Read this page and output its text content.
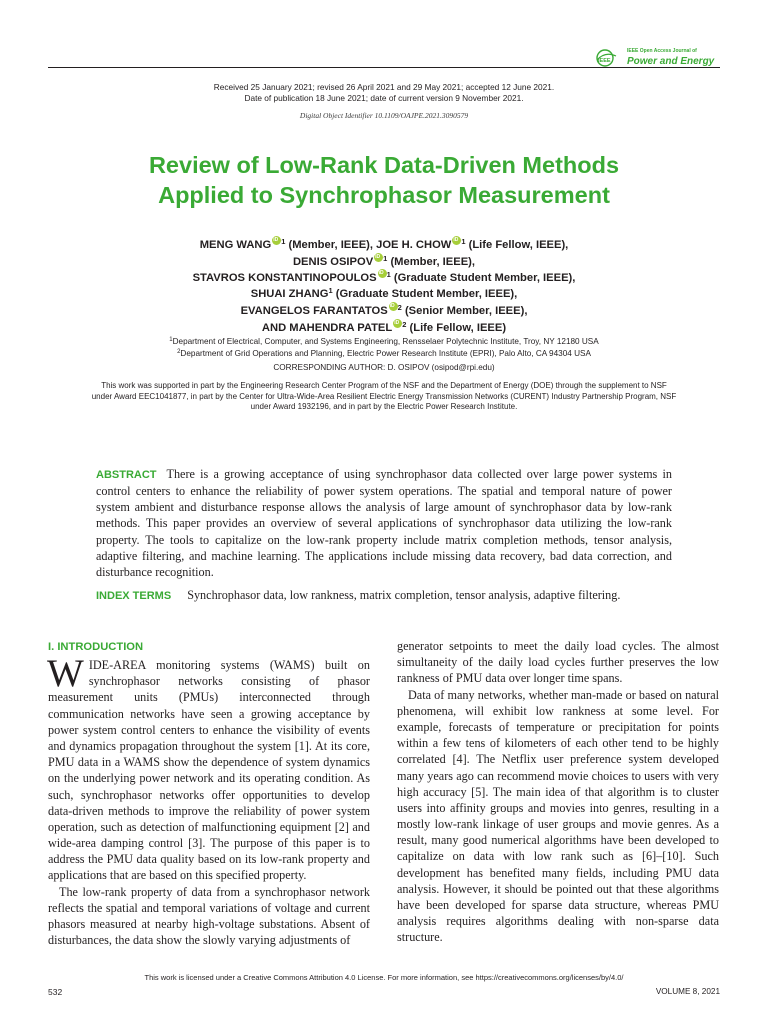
IEEE
IEEE Open Access Journal of
Power and Energy
Received 25 January 2021; revised 26 April 2021 and 29 May 2021; accepted 12 June 2021.
Date of publication 18 June 2021; date of current version 9 November 2021.
Digital Object Identifier 10.1109/OAJPE.2021.3090579
Review of Low-Rank Data-Driven Methods
Applied to Synchrophasor Measurement
MENG WANG iD $^1$ (Member, IEEE), JOE H. CHOW iD $^1$ (Life Fellow, IEEE),
DENIS OSIPOV iD $^1$ (Member, IEEE),
STAVROS KONSTANTINOPOULOS iD $^1$ (Graduate Student Member, IEEE),
SHUAI ZHANG$^1$ (Graduate Student Member, IEEE),
EVANGELOS FARANTATOS iD $^2$ (Senior Member, IEEE),
AND MAHENDRA PATEL iD $^2$ (Life Fellow, IEEE)
$^1$Department of Electrical, Computer, and Systems Engineering, Rensselaer Polytechnic Institute, Troy, NY 12180 USA
$^2$Department of Grid Operations and Planning, Electric Power Research Institute (EPRI), Palo Alto, CA 94304 USA
CORRESPONDING AUTHOR: D. OSIPOV (osipod@rpi.edu)
This work was supported in part by the Engineering Research Center Program of the NSF and the Department of Energy (DOE) through the supplement to NSF under Award EEC1041877, in part by the Center for Ultra-Wide-Area Resilient Electric Energy Transmission Networks (CURENT) Industry Partnership Program, NSF under Award 1932196, and in part by the Electric Power Research Institute.
ABSTRACT There is a growing acceptance of using synchrophasor data collected over large power systems in control centers to enhance the reliability of power system operations. The spatial and temporal nature of power system ambient and disturbance response allows the analysis of large amount of synchrophasor data by low-rank methods. This paper provides an overview of several applications of synchrophasor data utilizing the low-rank property. The tools to capitalize on the low-rank property include matrix completion methods, tensor analysis, adaptive filtering, and machine learning. The applications include missing data recovery, bad data correction, and disturbance recognition.
INDEX TERMS Synchrophasor data, low rankness, matrix completion, tensor analysis, adaptive filtering.
I. INTRODUCTION
WIDE-AREA monitoring systems (WAMS) built on synchrophasor networks consisting of phasor measurement units (PMUs) interconnected through communication networks have seen a growing acceptance by power system control centers to enhance the visibility of events and dynamics propagation throughout the system [1]. At its core, PMU data in a WAMS show the dependence of system dynamics on the underlying power network and its operating condition. As such, synchrophasor networks offer opportunities to develop data-driven methods to improve the reliability of power system operation, such as detection of malfunctioning equipment [2] and wide-area damping control [3]. The purpose of this paper is to address the PMU data quality based on its low-rank property and applications that are based on this specified property.
The low-rank property of data from a synchrophasor network reflects the spatial and temporal variations of voltage and current phasors measured at nearby high-voltage substations. Absent of disturbances, the data show the slowly varying adjustments of
generator setpoints to meet the daily load cycles. The almost simultaneity of the daily load cycles further preserves the low rankness of PMU data over longer time spans.
Data of many networks, whether man-made or based on natural phenomena, will exhibit low rankness at some level. For example, forecasts of temperature or precipitation for points within a few tens of kilometers of each other tend to be highly correlated [4]. The Netflix user preference system developed many years ago can recommend movie choices to users with very high accuracy [5]. The main idea of that algorithm is to cluster users into affinity groups and movies into genres, resulting in a mostly low-rank linkage of user groups and movie genres. As a result, many good numerical algorithms have been developed to capitalize on data with low rank such as [6]–[10]. Such development has benefited many fields, including PMU data analysis. However, it should be pointed out that these algorithms have been developed for sparse data structure, whereas PMU analysis requires algorithms dealing with non-sparse data structure.
This work is licensed under a Creative Commons Attribution 4.0 License. For more information, see https://creativecommons.org/licenses/by/4.0/
532	VOLUME 8, 2021
